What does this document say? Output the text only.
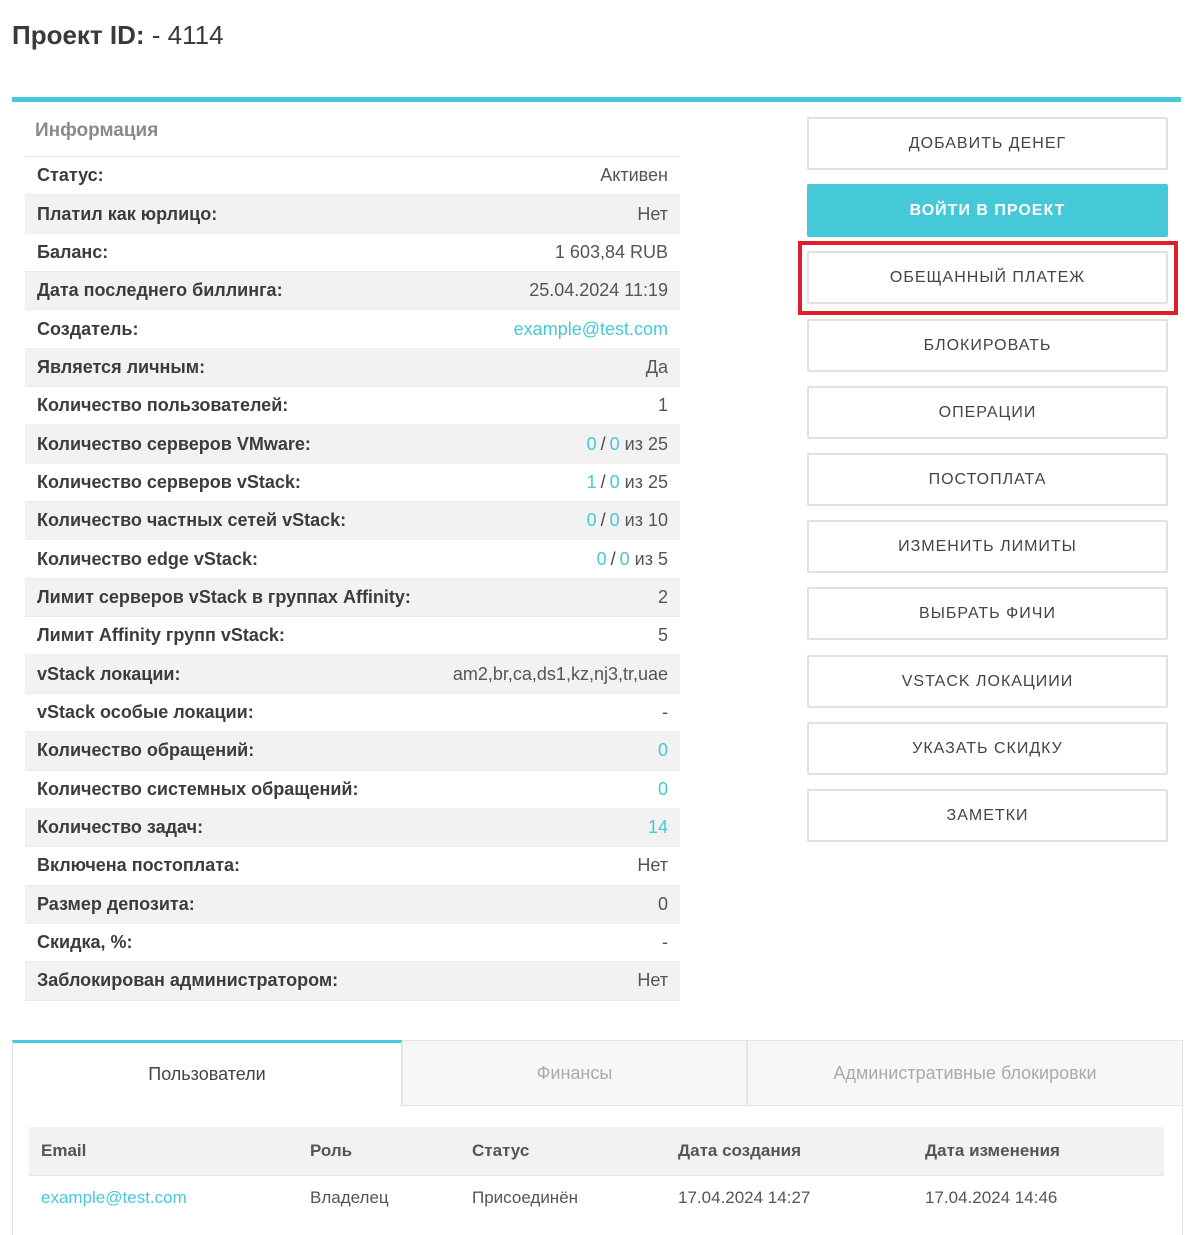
Проект ID: - 4114
Информация
Статус:	Активен
Платил как юрлицо:	Нет
Баланс:	1 603,84 RUB
Дата последнего биллинга:	25.04.2024 11:19
Создатель:	example@test.com
Является личным:	Да
Количество пользователей:	1
Количество серверов VMware:	0 / 0 из 25
Количество серверов vStack:	1 / 0 из 25
Количество частных сетей vStack:	0 / 0 из 10
Количество edge vStack:	0 / 0 из 5
Лимит серверов vStack в группах Affinity:	2
Лимит Affinity групп vStack:	5
vStack локации:	am2,br,ca,ds1,kz,nj3,tr,uae
vStack особые локации:	-
Количество обращений:	0
Количество системных обращений:	0
Количество задач:	14
Включена постоплата:	Нет
Размер депозита:	0
Скидка, %:	-
Заблокирован администратором:	Нет
ДОБАВИТЬ ДЕНЕГ
ВОЙТИ В ПРОЕКТ
ОБЕЩАННЫЙ ПЛАТЕЖ
БЛОКИРОВАТЬ
ОПЕРАЦИИ
ПОСТОПЛАТА
ИЗМЕНИТЬ ЛИМИТЫ
ВЫБРАТЬ ФИЧИ
VSTACK ЛОКАЦИИИ
УКАЗАТЬ СКИДКУ
ЗАМЕТКИ
Пользователи	Финансы	Административные блокировки
Email	Роль	Статус	Дата создания	Дата изменения
example@test.com	Владелец	Присоединён	17.04.2024 14:27	17.04.2024 14:46
